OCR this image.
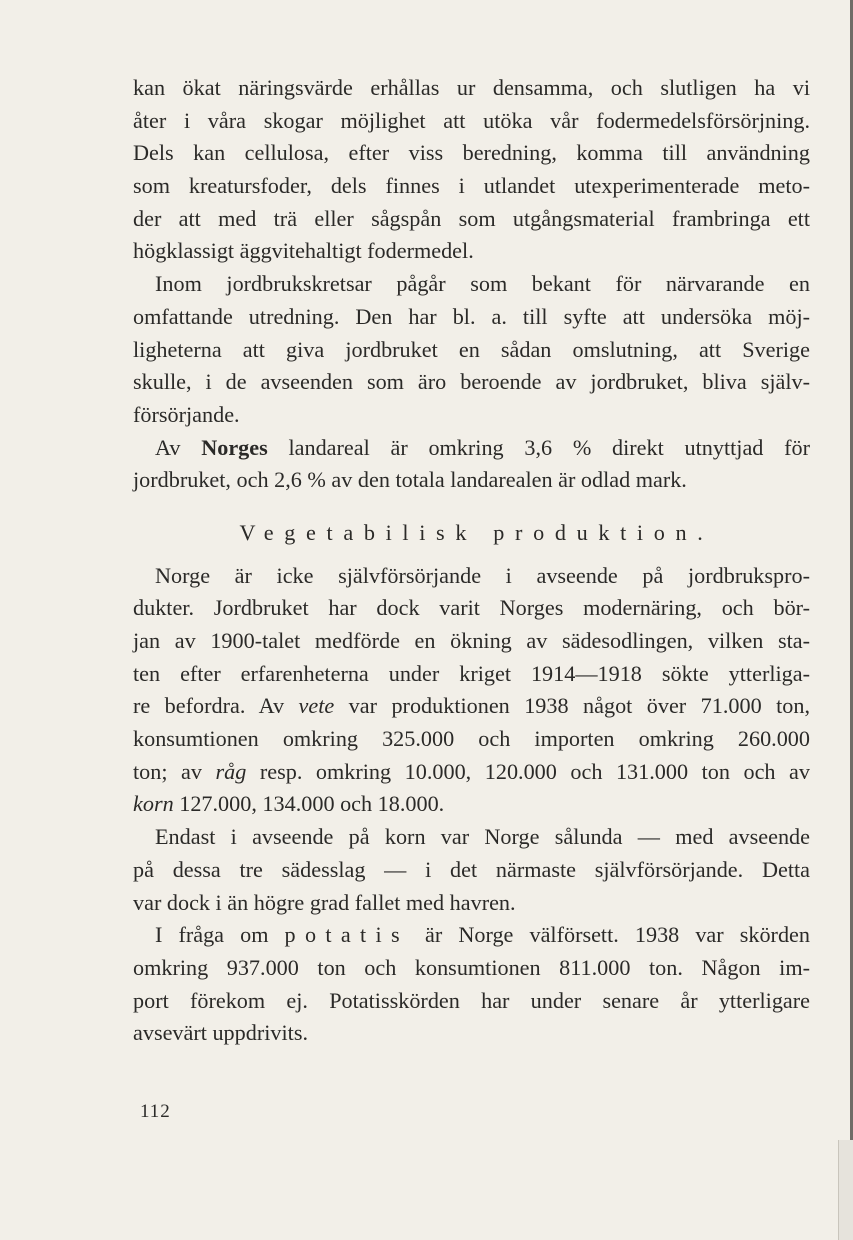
kan ökat näringsvärde erhållas ur densamma, och slutligen ha vi
åter i våra skogar möjlighet att utöka vår fodermedelsförsörjning.
Dels kan cellulosa, efter viss beredning, komma till användning
som kreatursfoder, dels finnes i utlandet utexperimenterade meto-
der att med trä eller sågspån som utgångsmaterial frambringa ett
högklassigt äggvitehaltigt fodermedel.
Inom jordbrukskretsar pågår som bekant för närvarande en
omfattande utredning. Den har bl. a. till syfte att undersöka möj-
ligheterna att giva jordbruket en sådan omslutning, att Sverige
skulle, i de avseenden som äro beroende av jordbruket, bliva själv-
försörjande.
Av Norges landareal är omkring 3,6 % direkt utnyttjad för
jordbruket, och 2,6 % av den totala landarealen är odlad mark.
Vegetabilisk produktion.
Norge är icke självförsörjande i avseende på jordbrukspro-
dukter. Jordbruket har dock varit Norges modernäring, och bör-
jan av 1900-talet medförde en ökning av sädesodlingen, vilken sta-
ten efter erfarenheterna under kriget 1914—1918 sökte ytterliga-
re befordra. Av vete var produktionen 1938 något över 71.000 ton,
konsumtionen omkring 325.000 och importen omkring 260.000
ton; av råg resp. omkring 10.000, 120.000 och 131.000 ton och av
korn 127.000, 134.000 och 18.000.
Endast i avseende på korn var Norge sålunda — med avseende
på dessa tre sädesslag — i det närmaste självförsörjande. Detta
var dock i än högre grad fallet med havren.
I fråga om potatis är Norge välförsett. 1938 var skörden
omkring 937.000 ton och konsumtionen 811.000 ton. Någon im-
port förekom ej. Potatisskörden har under senare år ytterligare
avsevärt uppdrivits.
112
